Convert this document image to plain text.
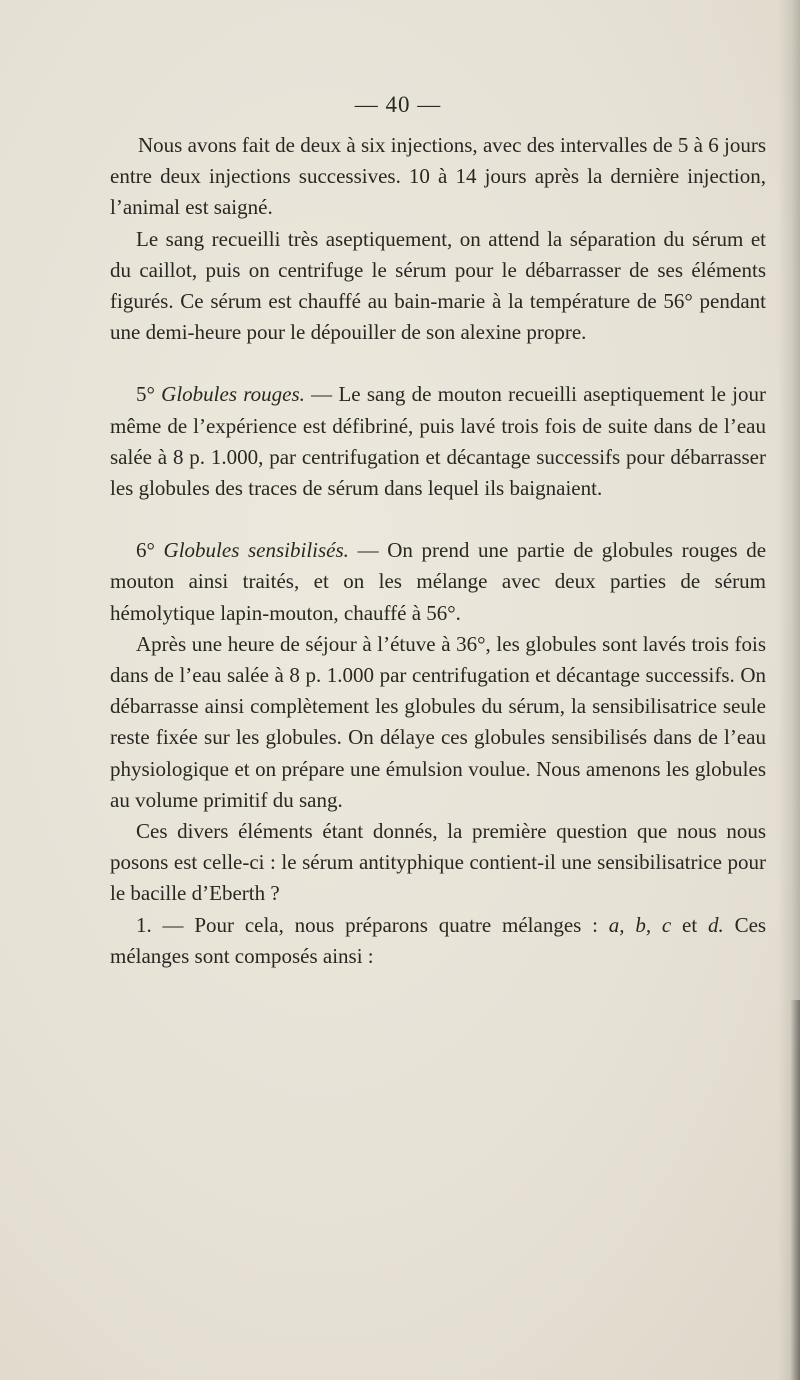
— 40 —

Nous avons fait de deux à six injections, avec des intervalles de 5 à 6 jours entre deux injections successives. 10 à 14 jours après la dernière injection, l’animal est saigné.

Le sang recueilli très aseptiquement, on attend la séparation du sérum et du caillot, puis on centrifuge le sérum pour le débarrasser de ses éléments figurés. Ce sérum est chauffé au bain-marie à la température de 56° pendant une demi-heure pour le dépouiller de son alexine propre.

5° Globules rouges. — Le sang de mouton recueilli aseptiquement le jour même de l’expérience est défibriné, puis lavé trois fois de suite dans de l’eau salée à 8 p. 1.000, par centrifugation et décantage successifs pour débarrasser les globules des traces de sérum dans lequel ils baignaient.

6° Globules sensibilisés. — On prend une partie de globules rouges de mouton ainsi traités, et on les mélange avec deux parties de sérum hémolytique lapin-mouton, chauffé à 56°.

Après une heure de séjour à l’étuve à 36°, les globules sont lavés trois fois dans de l’eau salée à 8 p. 1.000 par centrifugation et décantage successifs. On débarrasse ainsi complètement les globules du sérum, la sensibilisatrice seule reste fixée sur les globules. On délaye ces globules sensibilisés dans de l’eau physiologique et on prépare une émulsion voulue. Nous amenons les globules au volume primitif du sang.

Ces divers éléments étant donnés, la première question que nous nous posons est celle-ci : le sérum antityphique contient-il une sensibilisatrice pour le bacille d’Eberth ?

1. — Pour cela, nous préparons quatre mélanges : a, b, c et d. Ces mélanges sont composés ainsi :
